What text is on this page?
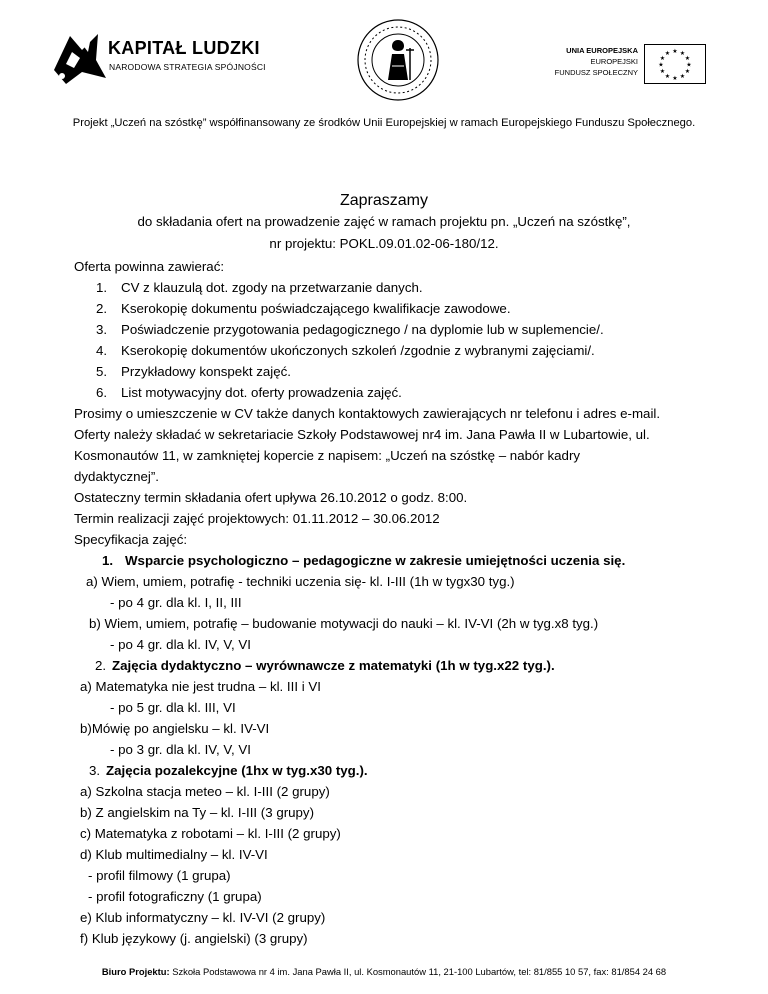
KAPITAŁ LUDZKI
NARODOWA STRATEGIA SPÓJNOŚCI
UNIA EUROPEJSKA
EUROPEJSKI
FUNDUSZ SPOŁECZNY
★ ★
★
★
★
★
★
★
★
★
★
★
Projekt „Uczeń na szóstkę” współfinansowany ze środków Unii Europejskiej w ramach Europejskiego Funduszu Społecznego.
Zapraszamy
do składania ofert na prowadzenie zajęć w ramach projektu pn. „Uczeń na szóstkę”,
nr projektu: POKL.09.01.02-06-180/12.
Oferta powinna zawierać:
1. CV z klauzulą dot. zgody na przetwarzanie danych.
2. Kserokopię dokumentu poświadczającego kwalifikacje zawodowe.
3. Poświadczenie przygotowania pedagogicznego / na dyplomie lub w suplemencie/.
4. Kserokopię dokumentów ukończonych szkoleń /zgodnie z wybranymi zajęciami/.
5. Przykładowy konspekt zajęć.
6. List motywacyjny dot. oferty prowadzenia zajęć.
Prosimy o umieszczenie w CV także danych kontaktowych zawierających nr telefonu i adres e-mail.
Oferty należy składać w sekretariacie Szkoły Podstawowej nr4 im. Jana Pawła II w Lubartowie, ul.
Kosmonautów 11, w zamkniętej kopercie z napisem: „Uczeń na szóstkę – nabór kadry
dydaktycznej”.
Ostateczny termin składania ofert upływa 26.10.2012 o godz. 8:00.
Termin realizacji zajęć projektowych: 01.11.2012 – 30.06.2012
Specyfikacja zajęć:
1. Wsparcie psychologiczno – pedagogiczne w zakresie umiejętności uczenia się.
a) Wiem, umiem, potrafię - techniki uczenia się- kl. I-III (1h w tygx30 tyg.)
- po 4 gr. dla kl. I, II, III
b) Wiem, umiem, potrafię – budowanie motywacji do nauki – kl. IV-VI (2h w tyg.x8 tyg.)
- po 4 gr. dla kl. IV, V, VI
2. Zajęcia dydaktyczno – wyrównawcze z matematyki (1h w tyg.x22 tyg.).
a) Matematyka nie jest trudna – kl. III i VI
- po 5 gr. dla kl. III, VI
b)Mówię po angielsku – kl. IV-VI
- po 3 gr. dla kl. IV, V, VI
3. Zajęcia pozalekcyjne (1hx w tyg.x30 tyg.).
a) Szkolna stacja meteo – kl. I-III (2 grupy)
b) Z angielskim na Ty – kl. I-III (3 grupy)
c) Matematyka z robotami – kl. I-III (2 grupy)
d) Klub multimedialny – kl. IV-VI
- profil filmowy (1 grupa)
- profil fotograficzny (1 grupa)
e) Klub informatyczny – kl. IV-VI (2 grupy)
f) Klub językowy (j. angielski) (3 grupy)
Biuro Projektu: Szkoła Podstawowa nr 4 im. Jana Pawła II, ul. Kosmonautów 11, 21-100 Lubartów, tel: 81/855 10 57, fax: 81/854 24 68
